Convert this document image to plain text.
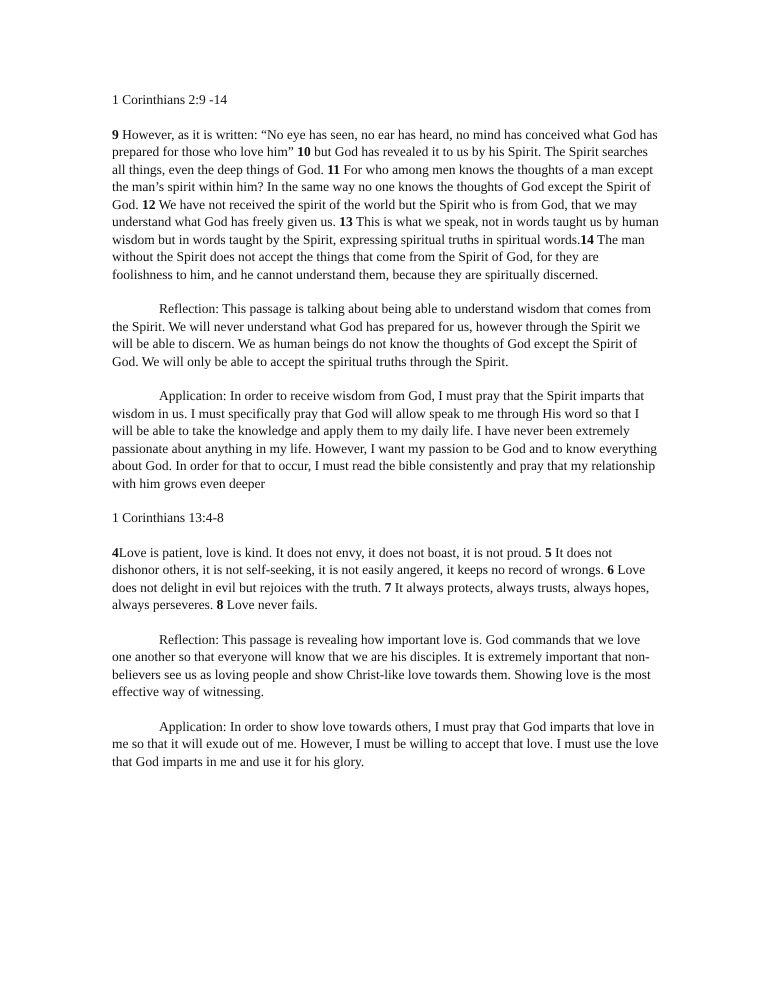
1 Corinthians 2:9 -14

9 However, as it is written: “No eye has seen, no ear has heard, no mind has conceived what God has prepared for those who love him” 10 but God has revealed it to us by his Spirit. The Spirit searches all things, even the deep things of God. 11 For who among men knows the thoughts of a man except the man’s spirit within him? In the same way no one knows the thoughts of God except the Spirit of God. 12 We have not received the spirit of the world but the Spirit who is from God, that we may understand what God has freely given us. 13 This is what we speak, not in words taught us by human wisdom but in words taught by the Spirit, expressing spiritual truths in spiritual words.14 The man without the Spirit does not accept the things that come from the Spirit of God, for they are foolishness to him, and he cannot understand them, because they are spiritually discerned.

Reflection: This passage is talking about being able to understand wisdom that comes from the Spirit. We will never understand what God has prepared for us, however through the Spirit we will be able to discern. We as human beings do not know the thoughts of God except the Spirit of God. We will only be able to accept the spiritual truths through the Spirit.

Application: In order to receive wisdom from God, I must pray that the Spirit imparts that wisdom in us. I must specifically pray that God will allow speak to me through His word so that I will be able to take the knowledge and apply them to my daily life. I have never been extremely passionate about anything in my life. However, I want my passion to be God and to know everything about God. In order for that to occur, I must read the bible consistently and pray that my relationship with him grows even deeper

1 Corinthians 13:4-8

4Love is patient, love is kind. It does not envy, it does not boast, it is not proud. 5 It does not dishonor others, it is not self-seeking, it is not easily angered, it keeps no record of wrongs. 6 Love does not delight in evil but rejoices with the truth. 7 It always protects, always trusts, always hopes, always perseveres. 8 Love never fails.

Reflection: This passage is revealing how important love is. God commands that we love one another so that everyone will know that we are his disciples. It is extremely important that non-believers see us as loving people and show Christ-like love towards them. Showing love is the most effective way of witnessing.

Application: In order to show love towards others, I must pray that God imparts that love in me so that it will exude out of me. However, I must be willing to accept that love. I must use the love that God imparts in me and use it for his glory.
